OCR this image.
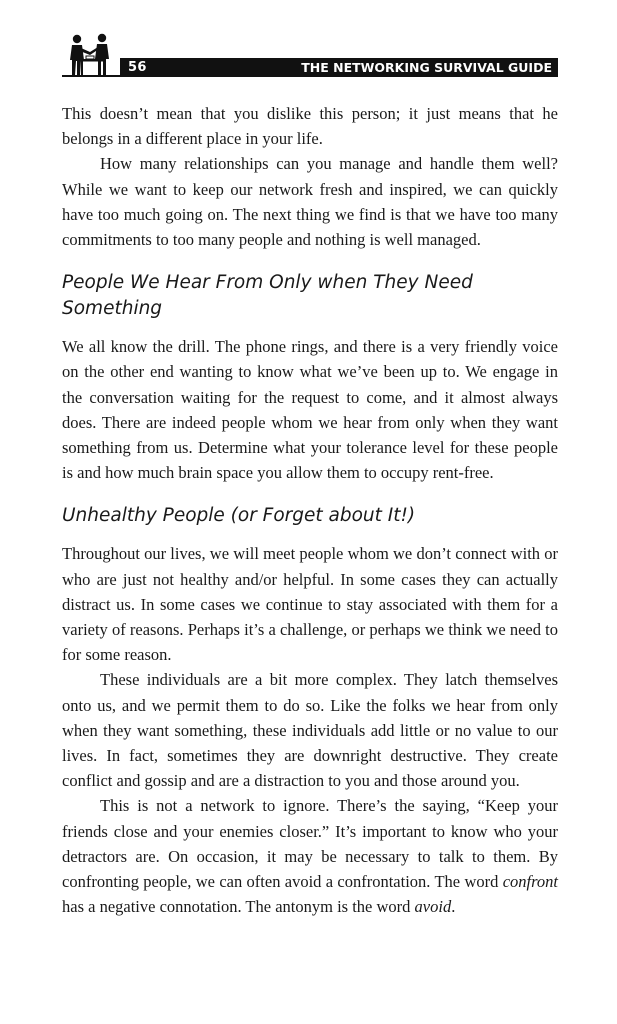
56	THE NETWORKING SURVIVAL GUIDE

This doesn’t mean that you dislike this person; it just means that he belongs in a different place in your life.

How many relationships can you manage and handle them well? While we want to keep our network fresh and inspired, we can quickly have too much going on. The next thing we find is that we have too many commitments to too many people and nothing is well managed.

People We Hear From Only when They Need Something

We all know the drill. The phone rings, and there is a very friendly voice on the other end wanting to know what we’ve been up to. We engage in the conversation waiting for the request to come, and it almost always does. There are indeed people whom we hear from only when they want something from us. Determine what your tolerance level for these people is and how much brain space you allow them to occupy rent-free.

Unhealthy People (or Forget about It!)

Throughout our lives, we will meet people whom we don’t connect with or who are just not healthy and/or helpful. In some cases they can actually distract us. In some cases we continue to stay associated with them for a variety of reasons. Perhaps it’s a challenge, or perhaps we think we need to for some reason.

These individuals are a bit more complex. They latch themselves onto us, and we permit them to do so. Like the folks we hear from only when they want something, these individuals add little or no value to our lives. In fact, sometimes they are downright destructive. They create conflict and gossip and are a distraction to you and those around you.

This is not a network to ignore. There’s the saying, “Keep your friends close and your enemies closer.” It’s important to know who your detractors are. On occasion, it may be necessary to talk to them. By confronting people, we can often avoid a confrontation. The word confront has a negative connotation. The antonym is the word avoid.
